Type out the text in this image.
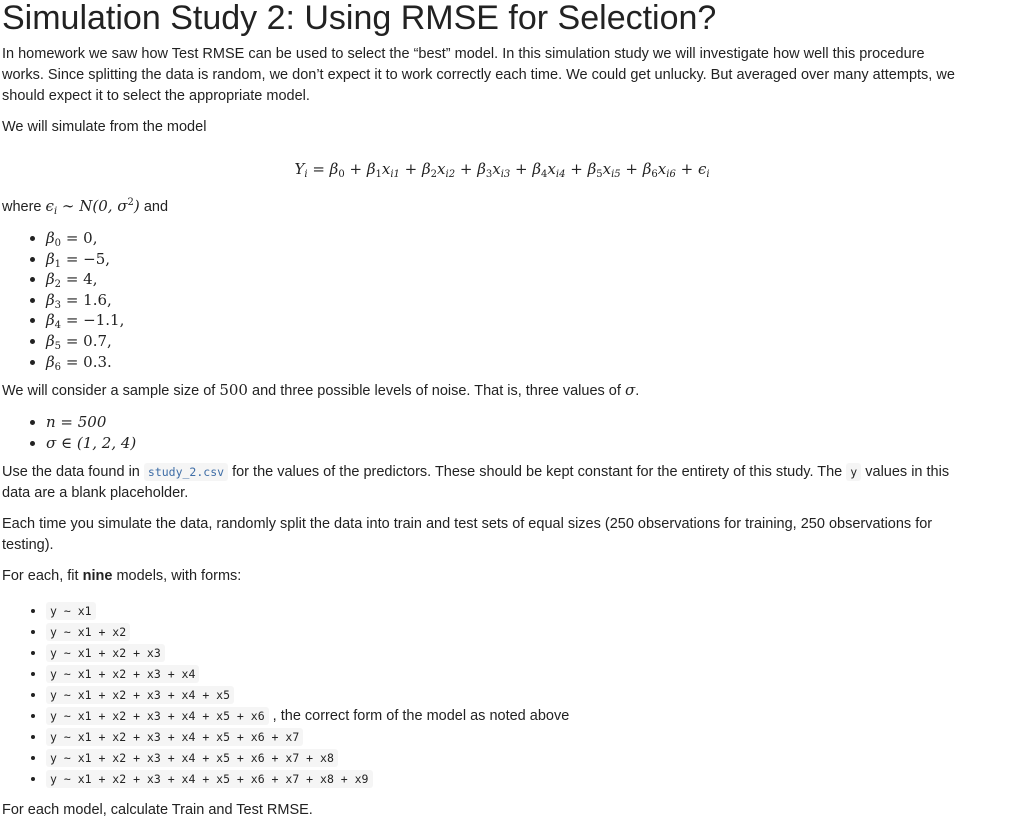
Simulation Study 2: Using RMSE for Selection?

In homework we saw how Test RMSE can be used to select the “best” model. In this simulation study we will investigate how well this procedure works. Since splitting the data is random, we don’t expect it to work correctly each time. We could get unlucky. But averaged over many attempts, we should expect it to select the appropriate model.

We will simulate from the model

$Y_i = \beta_0 + \beta_1x_{i1} + \beta_2x_{i2} + \beta_3x_{i3} + \beta_4x_{i4} + \beta_5x_{i5} + \beta_6x_{i6} + \epsilon_i$

where $\epsilon_i$ ∼ N(0, $\sigma^2$) and

• $\beta_0 = 0$,
• $\beta_1 = -5$,
• $\beta_2 = 4$,
• $\beta_3 = 1.6$,
• $\beta_4 = -1.1$,
• $\beta_5 = 0.7$,
• $\beta_6 = 0.3$.

We will consider a sample size of 500 and three possible levels of noise. That is, three values of σ.

• n = 500
• σ ∈ (1, 2, 4)

Use the data found in study_2.csv for the values of the predictors. These should be kept constant for the entirety of this study. The y values in this data are a blank placeholder.

Each time you simulate the data, randomly split the data into train and test sets of equal sizes (250 observations for training, 250 observations for testing).

For each, fit nine models, with forms:

• y ~ x1
• y ~ x1 + x2
• y ~ x1 + x2 + x3
• y ~ x1 + x2 + x3 + x4
• y ~ x1 + x2 + x3 + x4 + x5
• y ~ x1 + x2 + x3 + x4 + x5 + x6 , the correct form of the model as noted above
• y ~ x1 + x2 + x3 + x4 + x5 + x6 + x7
• y ~ x1 + x2 + x3 + x4 + x5 + x6 + x7 + x8
• y ~ x1 + x2 + x3 + x4 + x5 + x6 + x7 + x8 + x9

For each model, calculate Train and Test RMSE.
